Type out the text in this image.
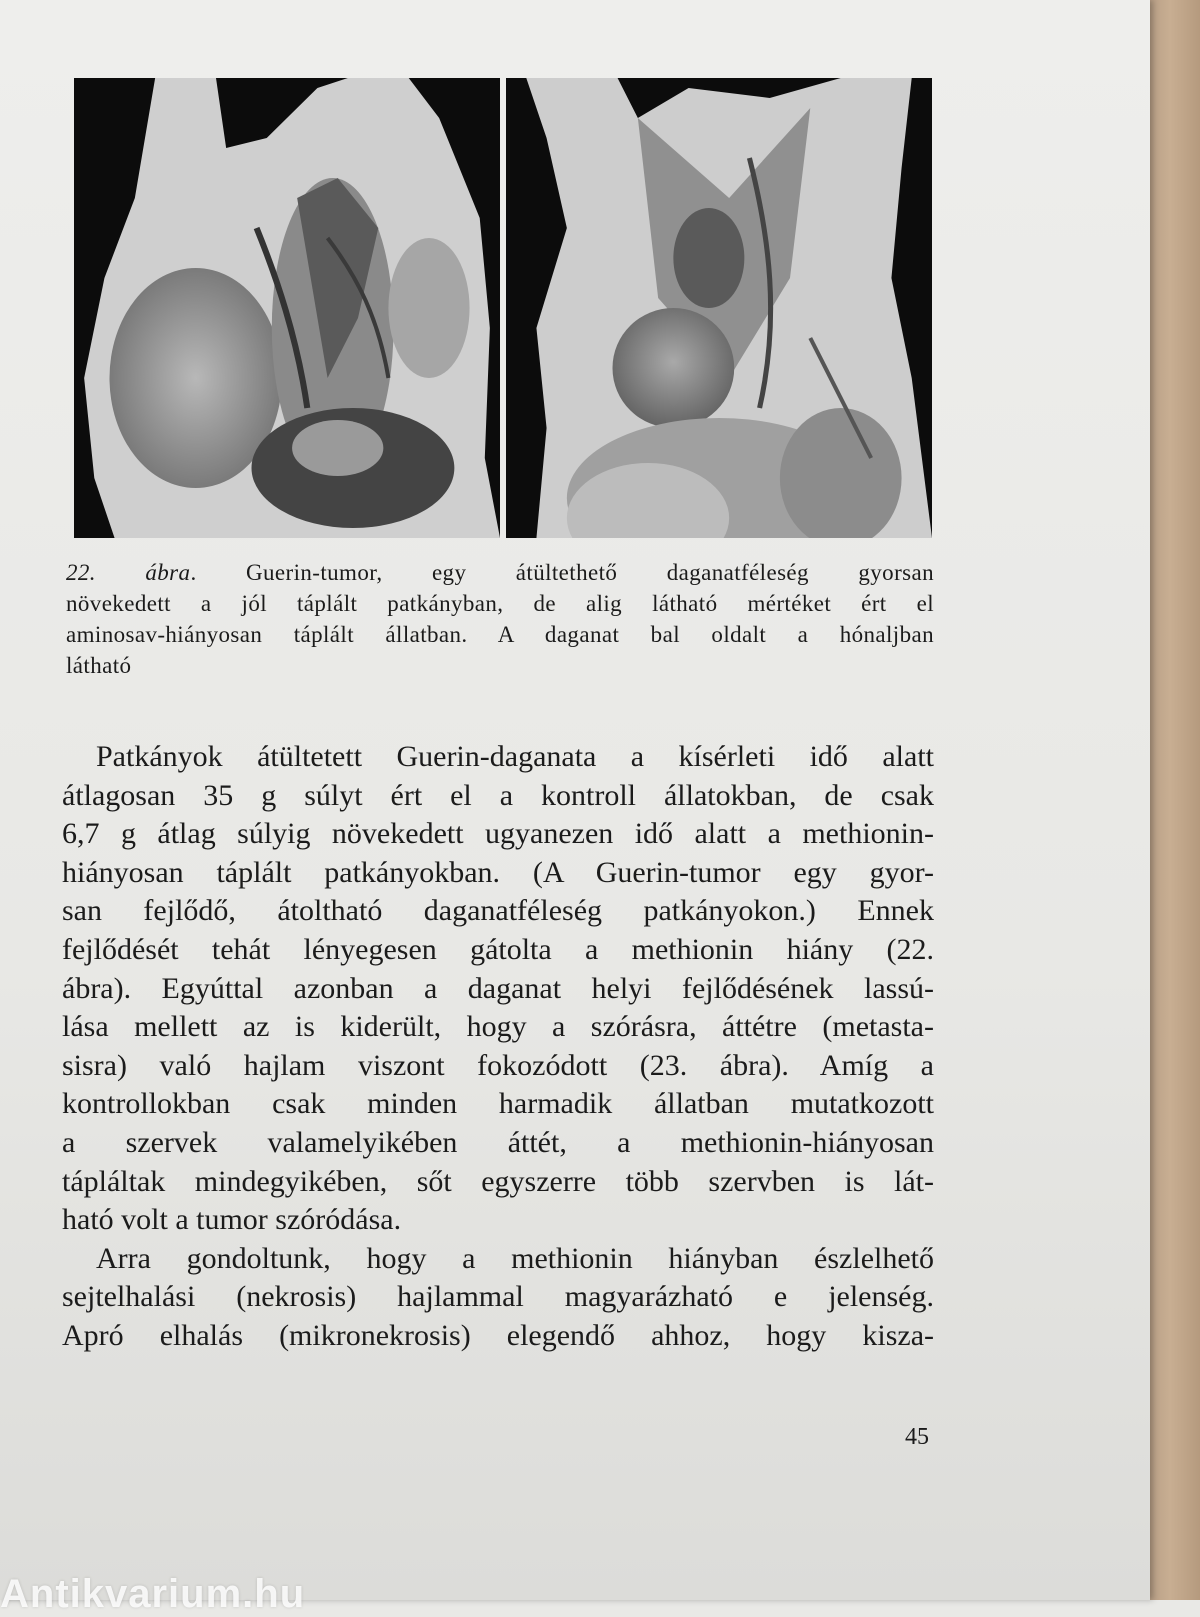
22. ábra. Guerin-tumor, egy átültethető daganatféleség gyorsan
növekedett a jól táplált patkányban, de alig látható mértéket ért el
aminosav-hiányosan táplált állatban. A daganat bal oldalt a hónaljban
látható
Patkányok átültetett Guerin-daganata a kísérleti idő alatt
átlagosan 35 g súlyt ért el a kontroll állatokban, de csak
6,7 g átlag súlyig növekedett ugyanezen idő alatt a methionin-
hiányosan táplált patkányokban. (A Guerin-tumor egy gyor-
san fejlődő, átoltható daganatféleség patkányokon.) Ennek
fejlődését tehát lényegesen gátolta a methionin hiány (22.
ábra). Egyúttal azonban a daganat helyi fejlődésének lassú-
lása mellett az is kiderült, hogy a szórásra, áttétre (metasta-
sisra) való hajlam viszont fokozódott (23. ábra). Amíg a
kontrollokban csak minden harmadik állatban mutatkozott
a szervek valamelyikében áttét, a methionin-hiányosan
tápláltak mindegyikében, sőt egyszerre több szervben is lát-
ható volt a tumor szóródása.
Arra gondoltunk, hogy a methionin hiányban észlelhető
sejtelhalási (nekrosis) hajlammal magyarázható e jelenség.
Apró elhalás (mikronekrosis) elegendő ahhoz, hogy kisza-
45
Antikvarium.hu
